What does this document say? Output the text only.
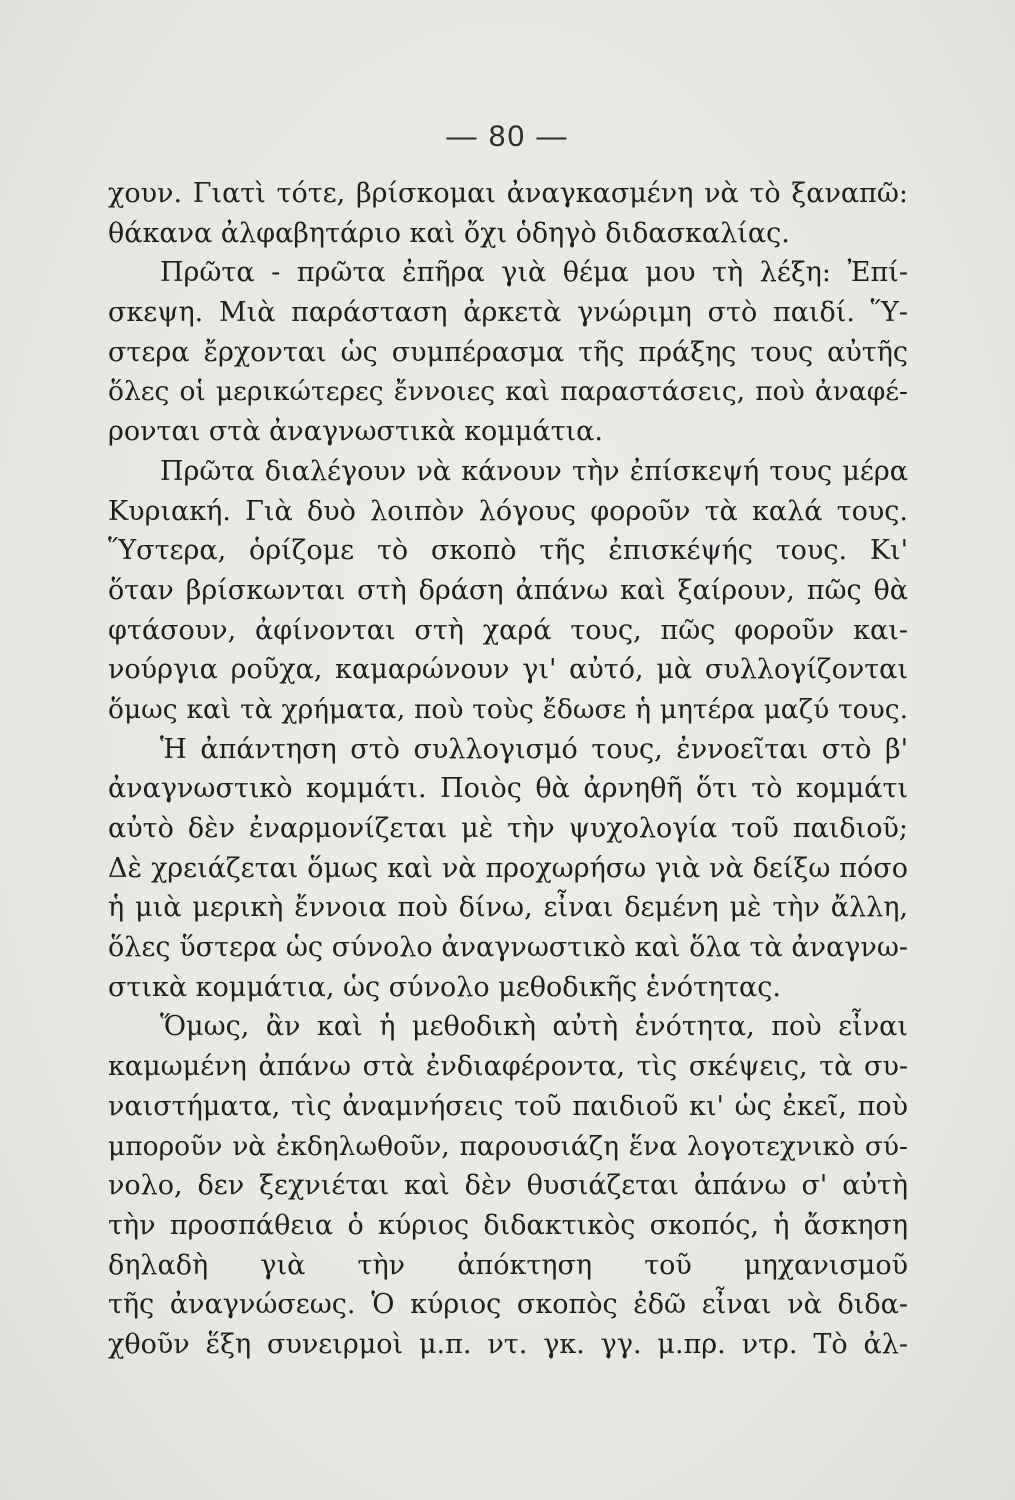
— 80 —
χουν. Γιατὶ τότε, βρίσκομαι ἀναγκασμένη νὰ τὸ ξαναπῶ:
θάκανα ἀλφαβητάριο καὶ ὄχι ὁδηγὸ διδασκαλίας.
Πρῶτα - πρῶτα ἐπῆρα γιὰ θέμα μου τὴ λέξη: Ἐπί-
σκεψη. Μιὰ παράσταση ἀρκετὰ γνώριμη στὸ παιδί. Ὕ-
στερα ἔρχονται ὡς συμπέρασμα τῆς πράξης τους αὐτῆς
ὅλες οἱ μερικώτερες ἔννοιες καὶ παραστάσεις, ποὺ ἀναφέ-
ρονται στὰ ἀναγνωστικὰ κομμάτια.
Πρῶτα διαλέγουν νὰ κάνουν τὴν ἐπίσκεψή τους μέρα
Κυριακή. Γιὰ δυὸ λοιπὸν λόγους φοροῦν τὰ καλά τους.
Ὕστερα, ὁρίζομε τὸ σκοπὸ τῆς ἐπισκέψής τους. Κι'
ὅταν βρίσκωνται στὴ δράση ἀπάνω καὶ ξαίρουν, πῶς θὰ
φτάσουν, ἀφίνονται στὴ χαρά τους, πῶς φοροῦν και-
νούργια ροῦχα, καμαρώνουν γι' αὐτό, μὰ συλλογίζονται
ὅμως καὶ τὰ χρήματα, ποὺ τοὺς ἔδωσε ἡ μητέρα μαζύ τους.
Ἡ ἀπάντηση στὸ συλλογισμό τους, ἐννοεῖται στὸ β'
ἀναγνωστικὸ κομμάτι. Ποιὸς θὰ ἀρνηθῆ ὅτι τὸ κομμάτι
αὐτὸ δὲν ἐναρμονίζεται μὲ τὴν ψυχολογία τοῦ παιδιοῦ;
Δὲ χρειάζεται ὅμως καὶ νὰ προχωρήσω γιὰ νὰ δείξω πόσο
ἡ μιὰ μερικὴ ἔννοια ποὺ δίνω, εἶναι δεμένη μὲ τὴν ἄλλη,
ὅλες ὕστερα ὡς σύνολο ἀναγνωστικὸ καὶ ὅλα τὰ ἀναγνω-
στικὰ κομμάτια, ὡς σύνολο μεθοδικῆς ἑνότητας.
Ὅμως, ἂν καὶ ἡ μεθοδικὴ αὐτὴ ἑνότητα, ποὺ εἶναι
καμωμένη ἀπάνω στὰ ἐνδιαφέροντα, τὶς σκέψεις, τὰ συ-
ναιστήματα, τὶς ἀναμνήσεις τοῦ παιδιοῦ κι' ὡς ἐκεῖ, ποὺ
μποροῦν νὰ ἐκδηλωθοῦν, παρουσιάζη ἕνα λογοτεχνικὸ σύ-
νολο, δεν ξεχνιέται καὶ δὲν θυσιάζεται ἀπάνω σ' αὐτὴ
τὴν προσπάθεια ὁ κύριος διδακτικὸς σκοπός, ἡ ἄσκηση
δηλαδὴ γιὰ τὴν ἀπόκτηση τοῦ μηχανισμοῦ
τῆς ἀναγνώσεως. Ὁ κύριος σκοπὸς ἐδῶ εἶναι νὰ διδα-
χθοῦν ἕξη συνειρμοὶ μ.π. ντ. γκ. γγ. μ.πρ. ντρ. Τὸ ἀλ-
